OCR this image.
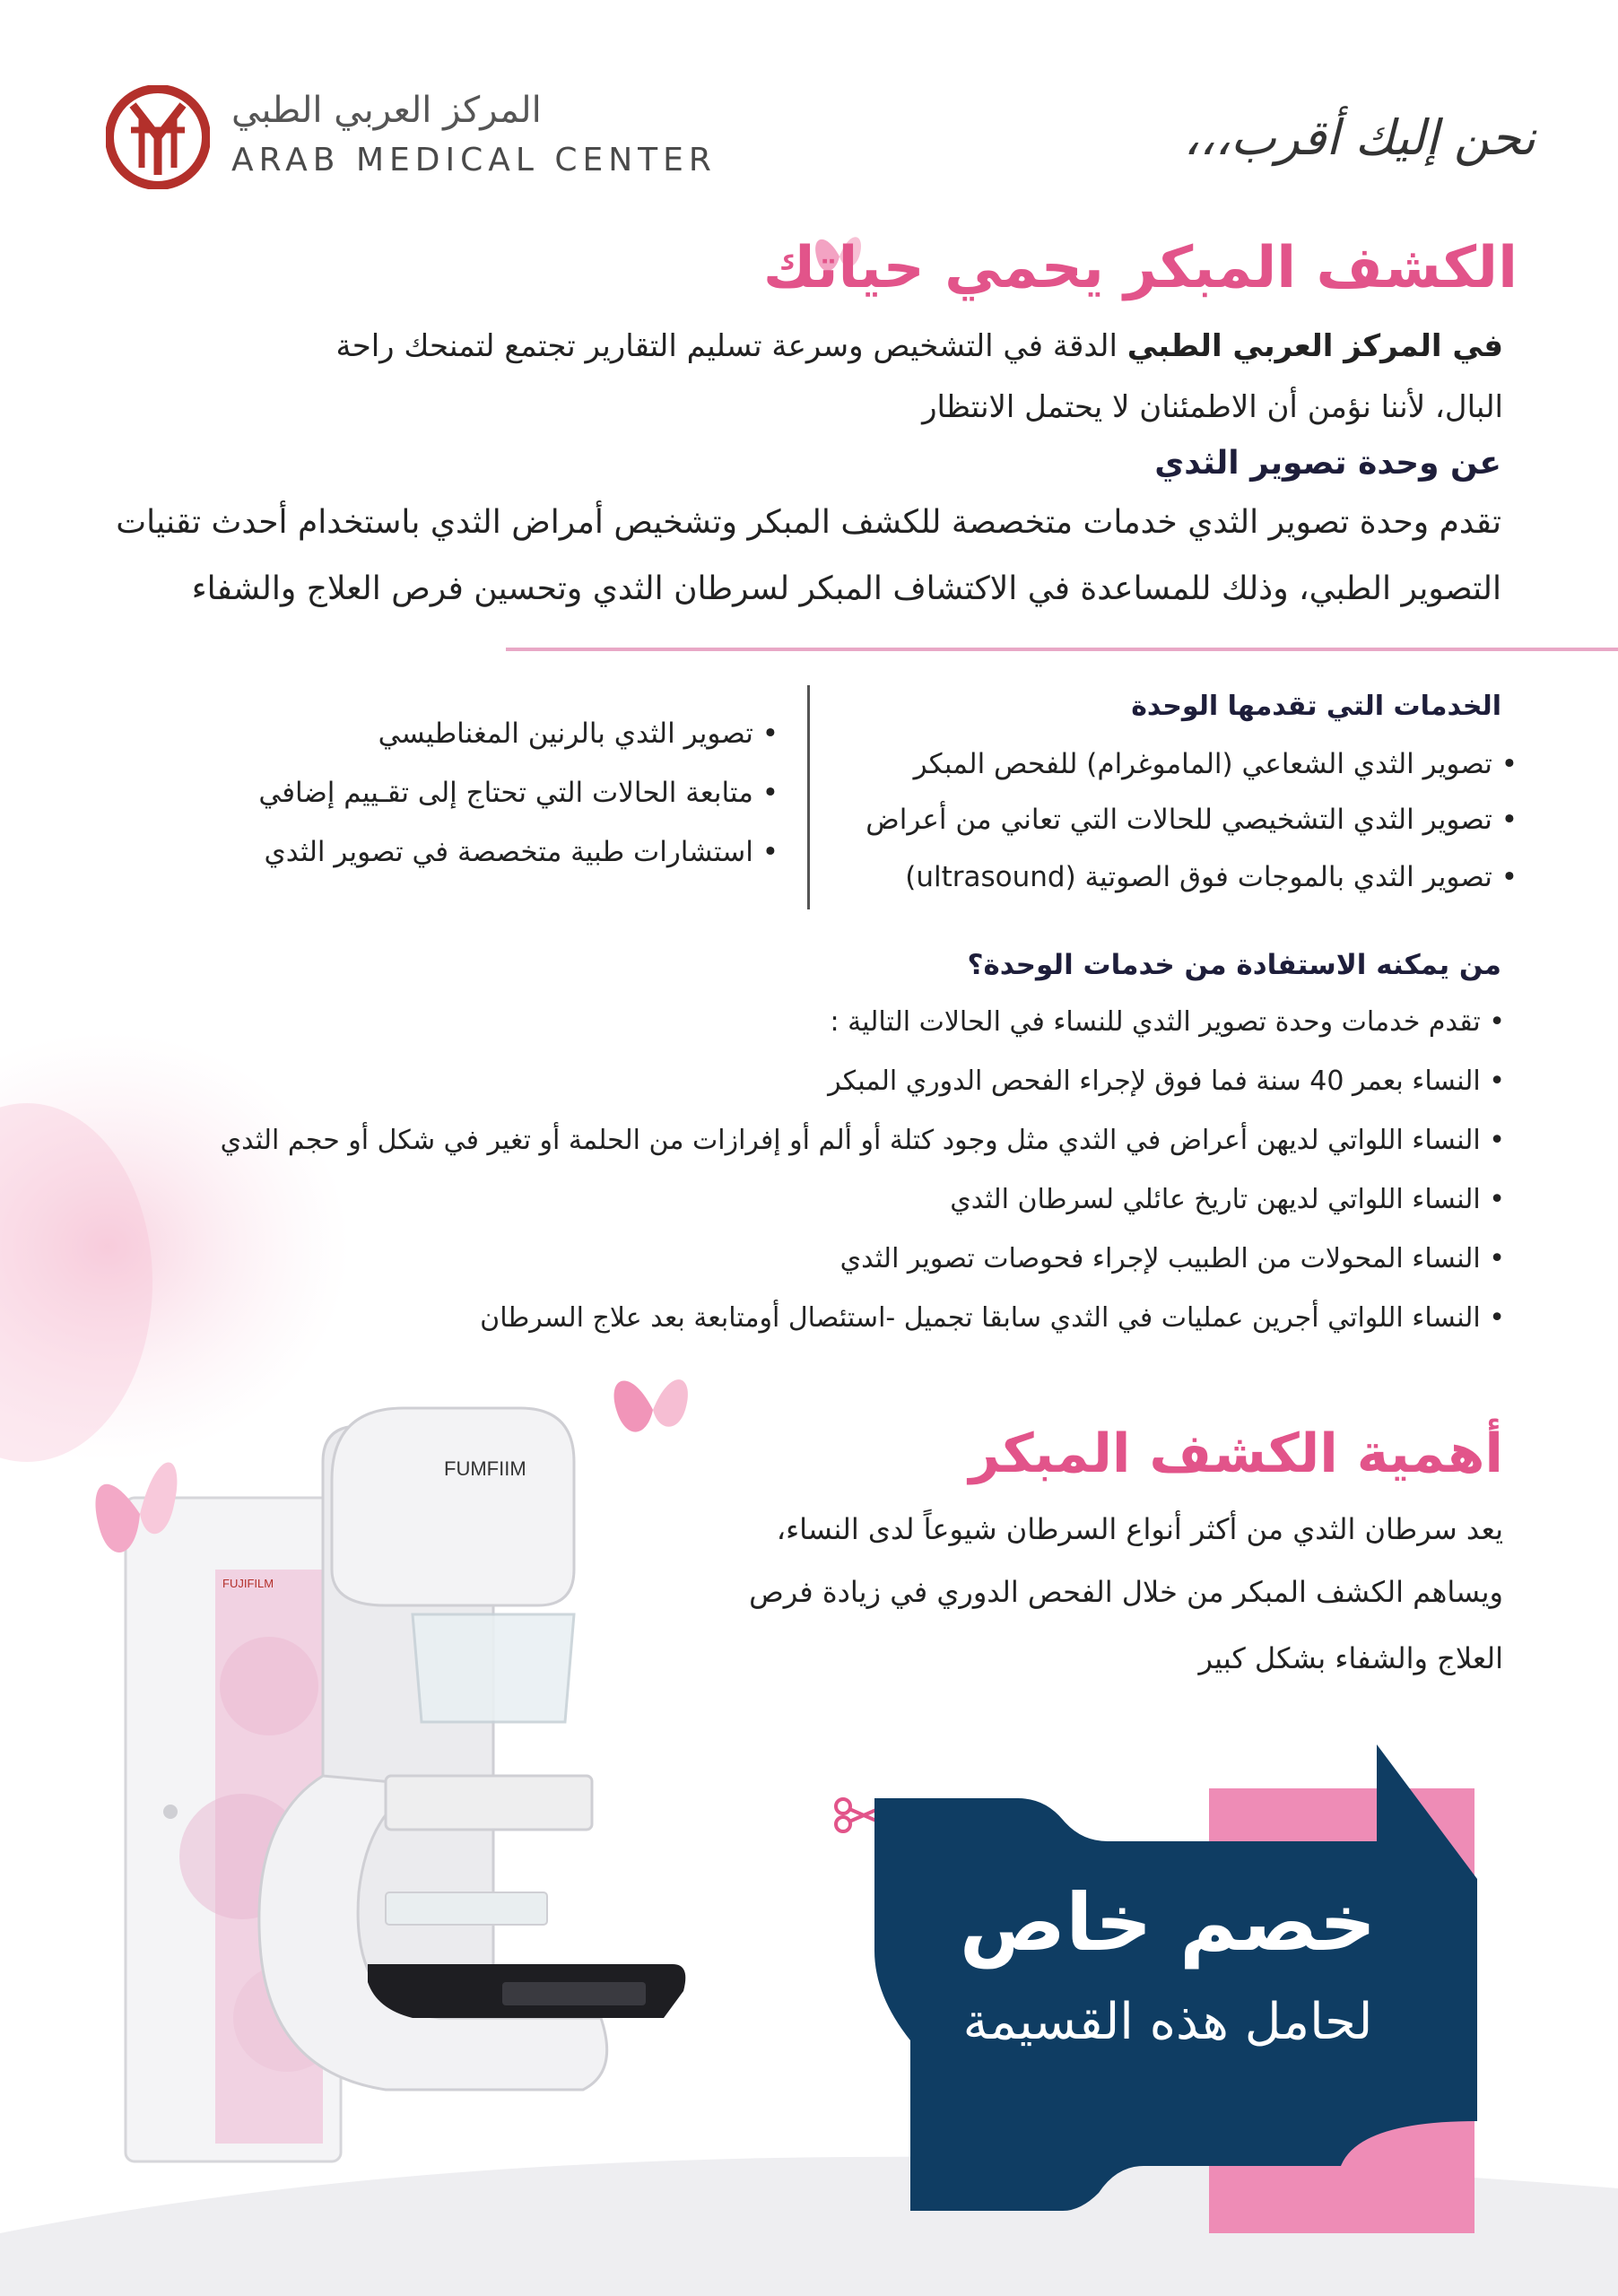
المركز العربي الطبي
ARAB MEDICAL CENTER	نحن إليك أقرب،،،
الكشف المبكر يحمي حياتك
في المركز العربي الطبي الدقة في التشخيص وسرعة تسليم التقارير تجتمع لتمنحك راحة
البال، لأننا نؤمن أن الاطمئنان لا يحتمل الانتظار
عن وحدة تصوير الثدي
تقدم وحدة تصوير الثدي خدمات متخصصة للكشف المبكر وتشخيص أمراض الثدي باستخدام أحدث تقنيات
التصوير الطبي، وذلك للمساعدة في الاكتشاف المبكر لسرطان الثدي وتحسين فرص العلاج والشفاء
الخدمات التي تقدمها الوحدة
• تصوير الثدي الشعاعي (الماموغرام) للفحص المبكر
• تصوير الثدي التشخيصي للحالات التي تعاني من أعراض
• تصوير الثدي بالموجات فوق الصوتية (ultrasound)
• تصوير الثدي بالرنين المغناطيسي
• متابعة الحالات التي تحتاج إلى تقـييم إضافي
• استشارات طبية متخصصة في تصوير الثدي
من يمكنه الاستفادة من خدمات الوحدة؟
• تقدم خدمات وحدة تصوير الثدي للنساء في الحالات التالية :
• النساء بعمر 40 سنة فما فوق لإجراء الفحص الدوري المبكر
• النساء اللواتي لديهن أعراض في الثدي مثل وجود كتلة أو ألم أو إفرازات من الحلمة أو تغير في شكل أو حجم الثدي
• النساء اللواتي لديهن تاريخ عائلي لسرطان الثدي
• النساء المحولات من الطبيب لإجراء فحوصات تصوير الثدي
• النساء اللواتي أجرين عمليات في الثدي سابقا تجميل -استئصال أومتابعة بعد علاج السرطان
FUMFIIM
FUJIFILM
أهمية الكشف المبكر
يعد سرطان الثدي من أكثر أنواع السرطان شيوعاً لدى النساء،
ويساهم الكشف المبكر من خلال الفحص الدوري في زيادة فرص
العلاج والشفاء بشكل كبير
خصم خاص
لحامل هذه القسيمة
